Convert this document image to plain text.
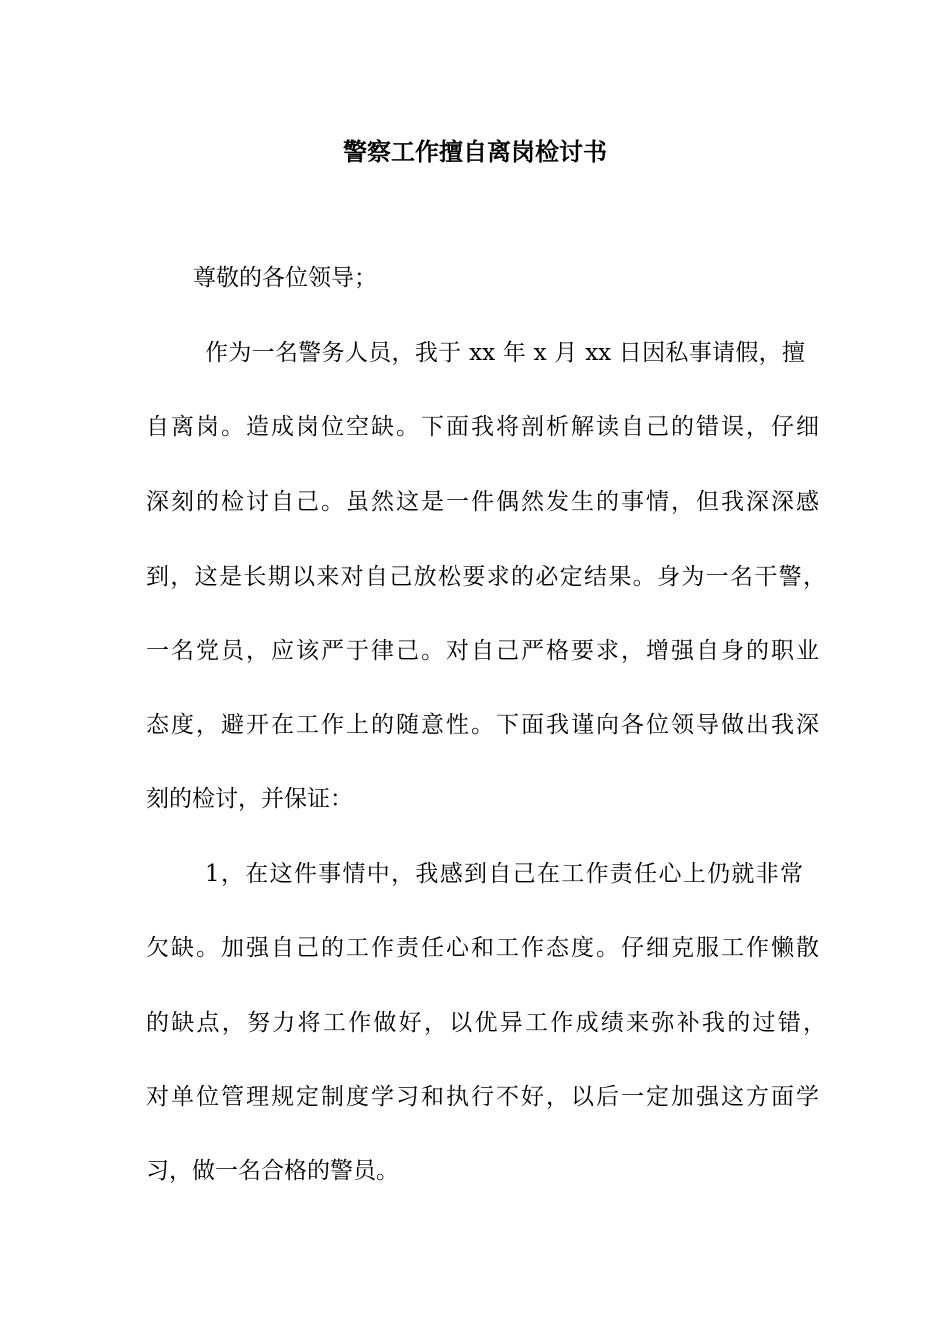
警察工作擅自离岗检讨书
尊敬的各位领导；
作为一名警务人员，我于 xx 年 x 月 xx 日因私事请假，擅
自离岗。造成岗位空缺。下面我将剖析解读自己的错误，仔细
深刻的检讨自己。虽然这是一件偶然发生的事情，但我深深感
到，这是长期以来对自己放松要求的必定结果。身为一名干警，
一名党员，应该严于律己。对自己严格要求，增强自身的职业
态度，避开在工作上的随意性。下面我谨向各位领导做出我深
刻的检讨，并保证：
1，在这件事情中，我感到自己在工作责任心上仍就非常
欠缺。加强自己的工作责任心和工作态度。仔细克服工作懒散
的缺点，努力将工作做好，以优异工作成绩来弥补我的过错，
对单位管理规定制度学习和执行不好，以后一定加强这方面学
习，做一名合格的警员。
